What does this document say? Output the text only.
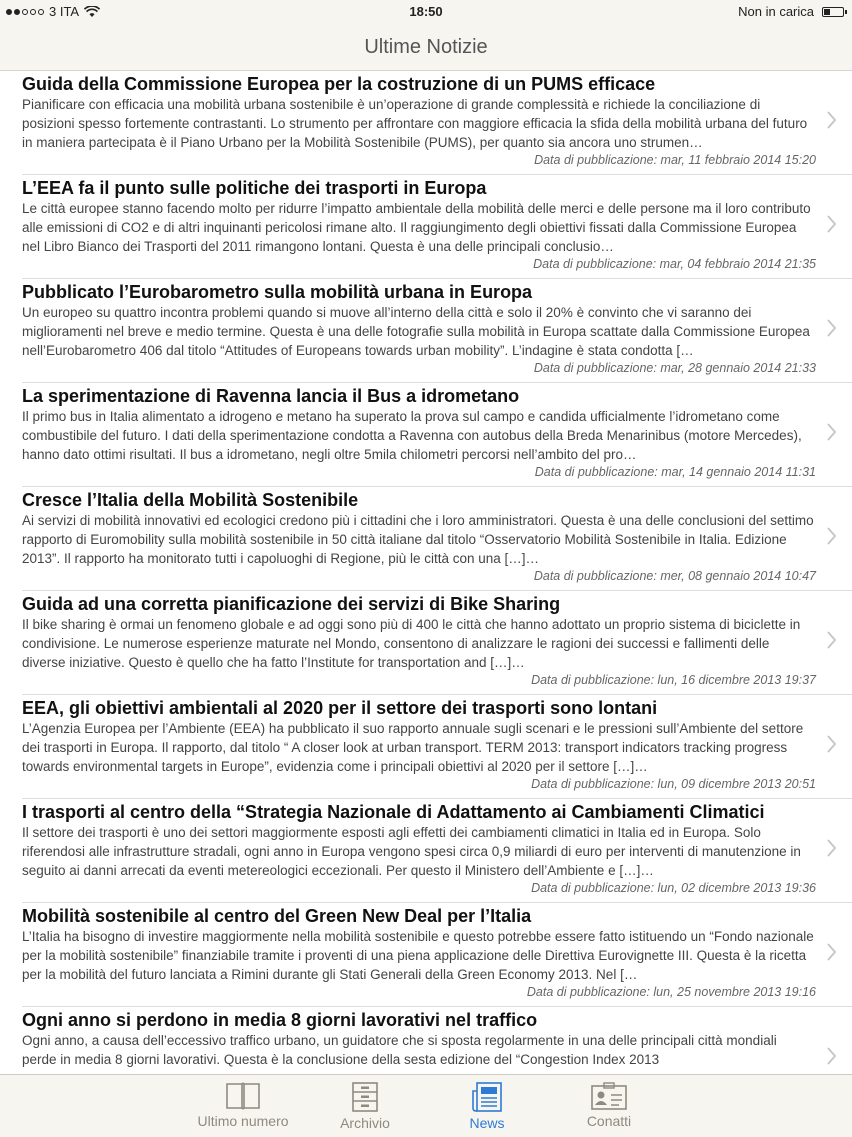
3 ITA	18:50	Non in carica
Ultime Notizie
Guida della Commissione Europea per la costruzione di un PUMS efficace
Pianificare con efficacia una mobilità urbana sostenibile è un’operazione di grande complessità e richiede la conciliazione di posizioni spesso fortemente contrastanti. Lo strumento per affrontare con maggiore efficacia la sfida della mobilità urbana del futuro in maniera partecipata è il Piano Urbano per la Mobilità Sostenibile (PUMS), per quanto sia ancora uno strumen…
Data di pubblicazione: mar, 11 febbraio 2014 15:20
L’EEA fa il punto sulle politiche dei trasporti in Europa
Le città europee stanno facendo molto per ridurre l’impatto ambientale della mobilità delle merci e delle persone ma il loro contributo alle emissioni di CO2 e di altri inquinanti pericolosi rimane alto. Il raggiungimento degli obiettivi fissati dalla Commissione Europea nel Libro Bianco dei Trasporti del 2011 rimangono lontani. Questa è una delle principali conclusio…
Data di pubblicazione: mar, 04 febbraio 2014 21:35
Pubblicato l’Eurobarometro sulla mobilità urbana in Europa
Un europeo su quattro incontra problemi quando si muove all’interno della città e solo il 20% è convinto che vi saranno dei miglioramenti nel breve e medio termine. Questa è una delle fotografie sulla mobilità in Europa scattate dalla Commissione Europea nell’Eurobarometro 406 dal titolo “Attitudes of Europeans towards urban mobility”. L’indagine è stata condotta […
Data di pubblicazione: mar, 28 gennaio 2014 21:33
La sperimentazione di Ravenna lancia il Bus a idrometano
Il primo bus in Italia alimentato a idrogeno e metano ha superato la prova sul campo e candida ufficialmente l’idrometano come combustibile del futuro. I dati della sperimentazione condotta a Ravenna con autobus della Breda Menarinibus (motore Mercedes), hanno dato ottimi risultati. Il bus a idrometano, negli oltre 5mila chilometri percorsi nell’ambito del pro…
Data di pubblicazione: mar, 14 gennaio 2014 11:31
Cresce l’Italia della Mobilità Sostenibile
Ai servizi di mobilità innovativi ed ecologici credono più i cittadini che i loro amministratori. Questa è una delle conclusioni del settimo rapporto di Euromobility sulla mobilità sostenibile in 50 città italiane dal titolo “Osservatorio Mobilità Sostenibile in Italia. Edizione 2013”. Il rapporto ha monitorato tutti i capoluoghi di Regione, più le città con una […]…
Data di pubblicazione: mer, 08 gennaio 2014 10:47
Guida ad una corretta pianificazione dei servizi di Bike Sharing
Il bike sharing è ormai un fenomeno globale e ad oggi sono più di 400 le città che hanno adottato un proprio sistema di biciclette in condivisione. Le numerose esperienze maturate nel Mondo, consentono di analizzare le ragioni dei successi e fallimenti delle diverse iniziative. Questo è quello che ha fatto l’Institute for transportation and […]…
Data di pubblicazione: lun, 16 dicembre 2013 19:37
EEA, gli obiettivi ambientali al 2020 per il settore dei trasporti sono lontani
L’Agenzia Europea per l’Ambiente (EEA) ha pubblicato il suo rapporto annuale sugli scenari e le pressioni sull’Ambiente del settore dei trasporti in Europa. Il rapporto, dal titolo “ A closer look at urban transport. TERM 2013: transport indicators tracking progress towards environmental targets in Europe”, evidenzia come i principali obiettivi al 2020 per il settore […]…
Data di pubblicazione: lun, 09 dicembre 2013 20:51
I trasporti al centro della “Strategia Nazionale di Adattamento ai Cambiamenti Climatici
Il settore dei trasporti è uno dei settori maggiormente esposti agli effetti dei cambiamenti climatici in Italia ed in Europa. Solo riferendosi alle infrastrutture stradali, ogni anno in Europa vengono spesi circa 0,9 miliardi di euro per interventi di manutenzione in seguito ai danni arrecati da eventi metereologici eccezionali. Per questo il Ministero dell’Ambiente e […]…
Data di pubblicazione: lun, 02 dicembre 2013 19:36
Mobilità sostenibile al centro del Green New Deal per l’Italia
L’Italia ha bisogno di investire maggiormente nella mobilità sostenibile e questo potrebbe essere fatto istituendo un “Fondo nazionale per la mobilità sostenibile” finanziabile tramite i proventi di una piena applicazione delle Direttiva Eurovignette III. Questa è la ricetta per la mobilità del futuro lanciata a Rimini durante gli Stati Generali della Green Economy 2013. Nel […
Data di pubblicazione: lun, 25 novembre 2013 19:16
Ogni anno si perdono in media 8 giorni lavorativi nel traffico
Ogni anno, a causa dell’eccessivo traffico urbano, un guidatore che si sposta regolarmente in una delle principali città mondiali perde in media 8 giorni lavorativi. Questa è la conclusione della sesta edizione del “Congestion Index 2013
Ultimo numero	Archivio	News	Conatti
